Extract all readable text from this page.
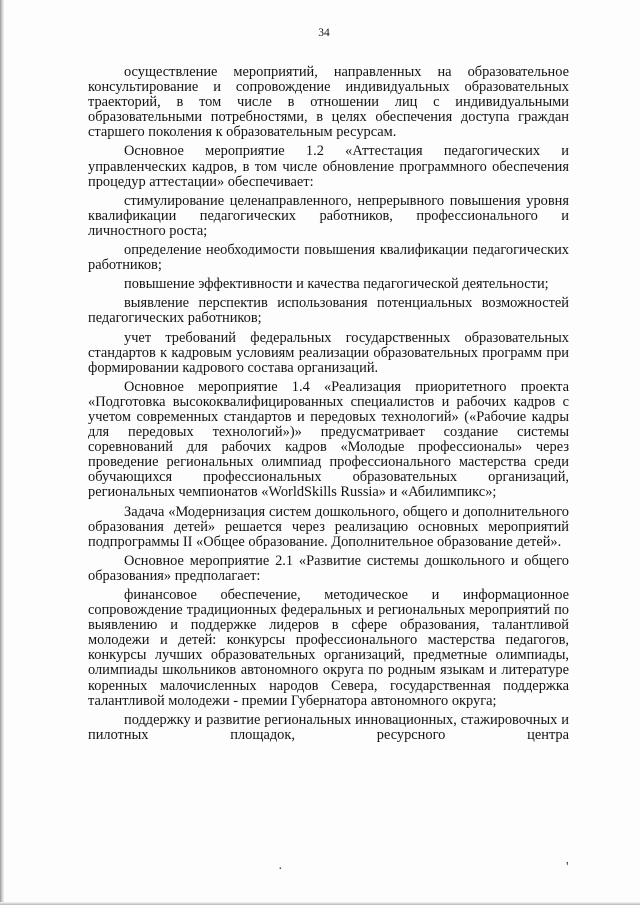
34

осуществление мероприятий, направленных на образовательное консультирование и сопровождение индивидуальных образовательных траекторий, в том числе в отношении лиц с индивидуальными образовательными потребностями, в целях обеспечения доступа граждан старшего поколения к образовательным ресурсам.

Основное мероприятие 1.2 «Аттестация педагогических и управленческих кадров, в том числе обновление программного обеспечения процедур аттестации» обеспечивает:

стимулирование целенаправленного, непрерывного повышения уровня квалификации педагогических работников, профессионального и личностного роста;

определение необходимости повышения квалификации педагогических работников;

повышение эффективности и качества педагогической деятельности;

выявление перспектив использования потенциальных возможностей педагогических работников;

учет требований федеральных государственных образовательных стандартов к кадровым условиям реализации образовательных программ при формировании кадрового состава организаций.

Основное мероприятие 1.4 «Реализация приоритетного проекта «Подготовка высококвалифицированных специалистов и рабочих кадров с учетом современных стандартов и передовых технологий» («Рабочие кадры для передовых технологий»)» предусматривает создание системы соревнований для рабочих кадров «Молодые профессионалы» через проведение региональных олимпиад профессионального мастерства среди обучающихся профессиональных образовательных организаций, региональных чемпионатов «WorldSkills Russia» и «Абилимпикс»;

Задача «Модернизация систем дошкольного, общего и дополнительного образования детей» решается через реализацию основных мероприятий подпрограммы II «Общее образование. Дополнительное образование детей».

Основное мероприятие 2.1 «Развитие системы дошкольного и общего образования» предполагает:

финансовое обеспечение, методическое и информационное сопровождение традиционных федеральных и региональных мероприятий по выявлению и поддержке лидеров в сфере образования, талантливой молодежи и детей: конкурсы профессионального мастерства педагогов, конкурсы лучших образовательных организаций, предметные олимпиады, олимпиады школьников автономного округа по родным языкам и литературе коренных малочисленных народов Севера, государственная поддержка талантливой молодежи - премии Губернатора автономного округа;

поддержку и развитие региональных инновационных, стажировочных и пилотных площадок, ресурсного центра

·	'
